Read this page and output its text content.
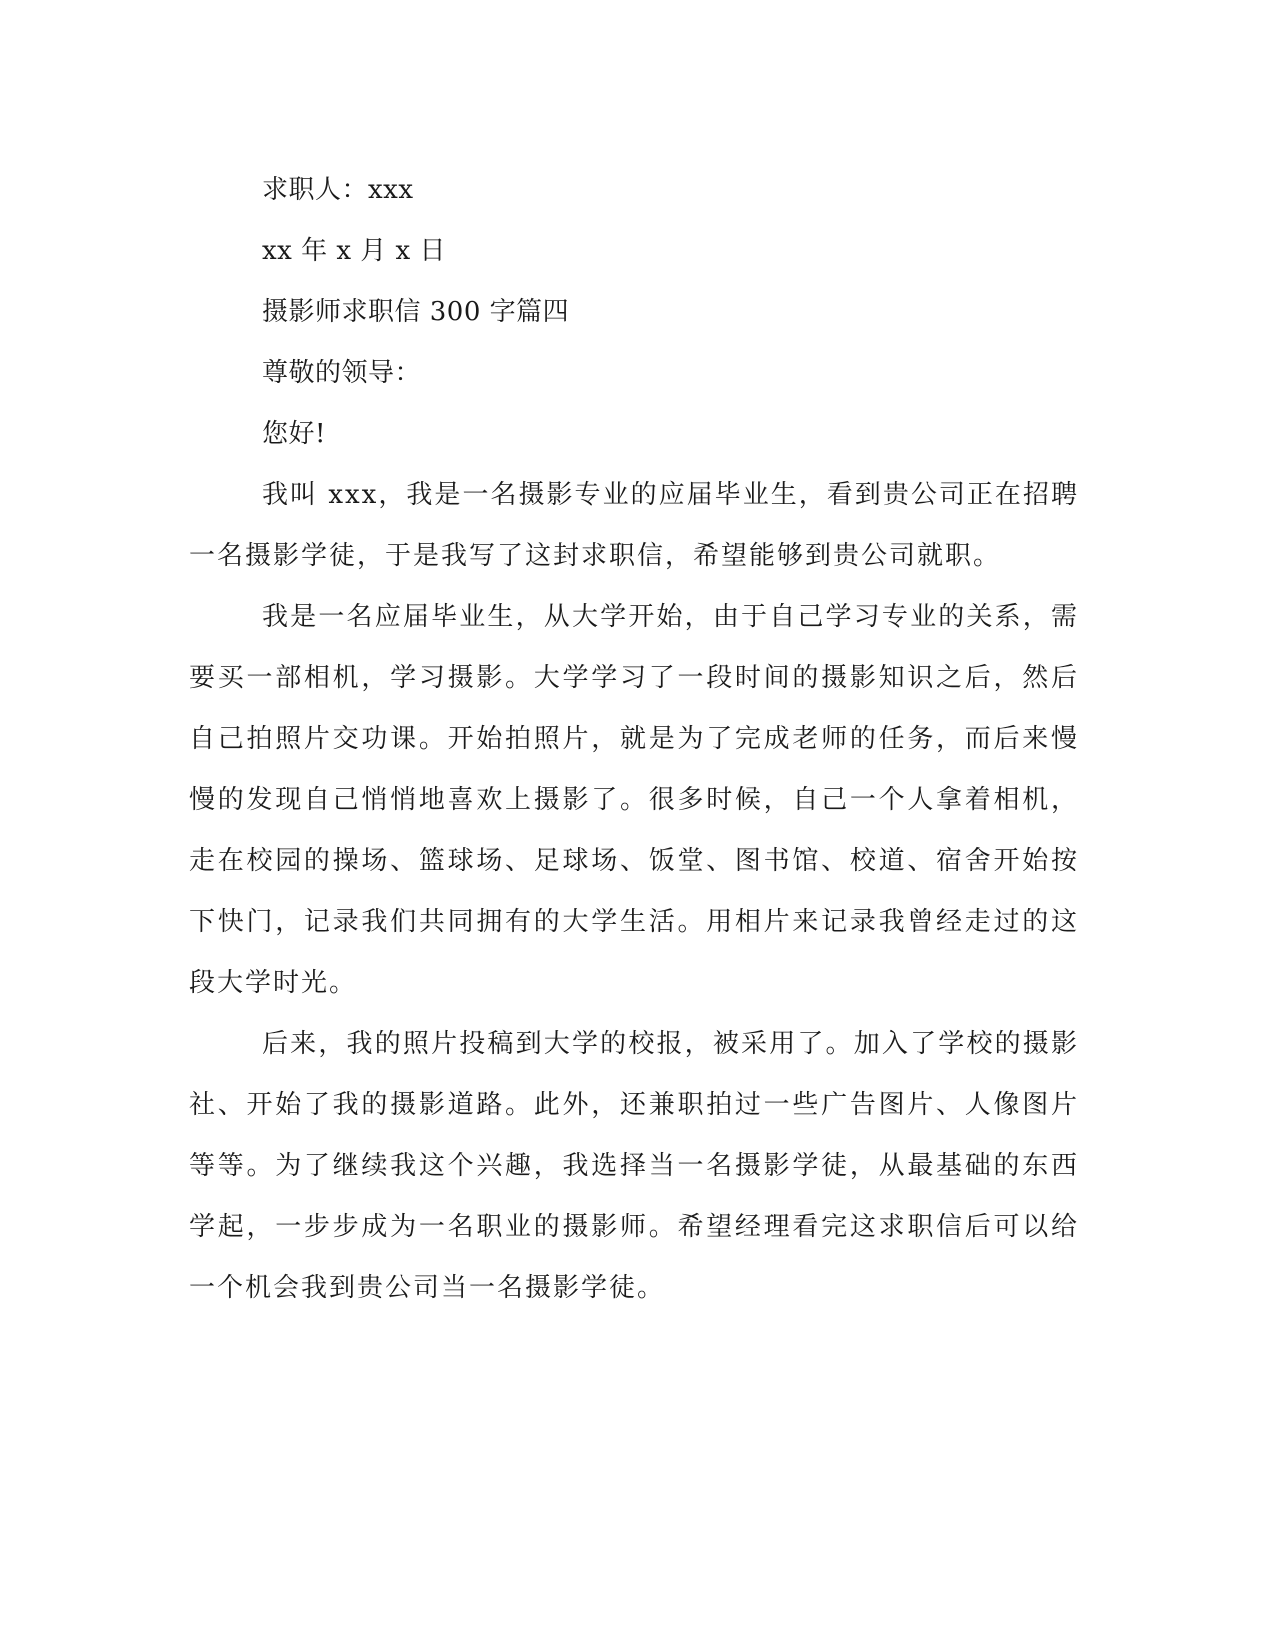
求职人：xxx
xx 年 x 月 x 日
摄影师求职信 300 字篇四
尊敬的领导：
您好!

我叫 xxx，我是一名摄影专业的应届毕业生，看到贵公司正在招聘一名摄影学徒，于是我写了这封求职信，希望能够到贵公司就职。

我是一名应届毕业生，从大学开始，由于自己学习专业的关系，需要买一部相机，学习摄影。大学学习了一段时间的摄影知识之后，然后自己拍照片交功课。开始拍照片，就是为了完成老师的任务，而后来慢慢的发现自己悄悄地喜欢上摄影了。很多时候，自己一个人拿着相机，走在校园的操场、篮球场、足球场、饭堂、图书馆、校道、宿舍开始按下快门，记录我们共同拥有的大学生活。用相片来记录我曾经走过的这段大学时光。

后来，我的照片投稿到大学的校报，被采用了。加入了学校的摄影社、开始了我的摄影道路。此外，还兼职拍过一些广告图片、人像图片等等。为了继续我这个兴趣，我选择当一名摄影学徒，从最基础的东西学起，一步步成为一名职业的摄影师。希望经理看完这求职信后可以给一个机会我到贵公司当一名摄影学徒。
